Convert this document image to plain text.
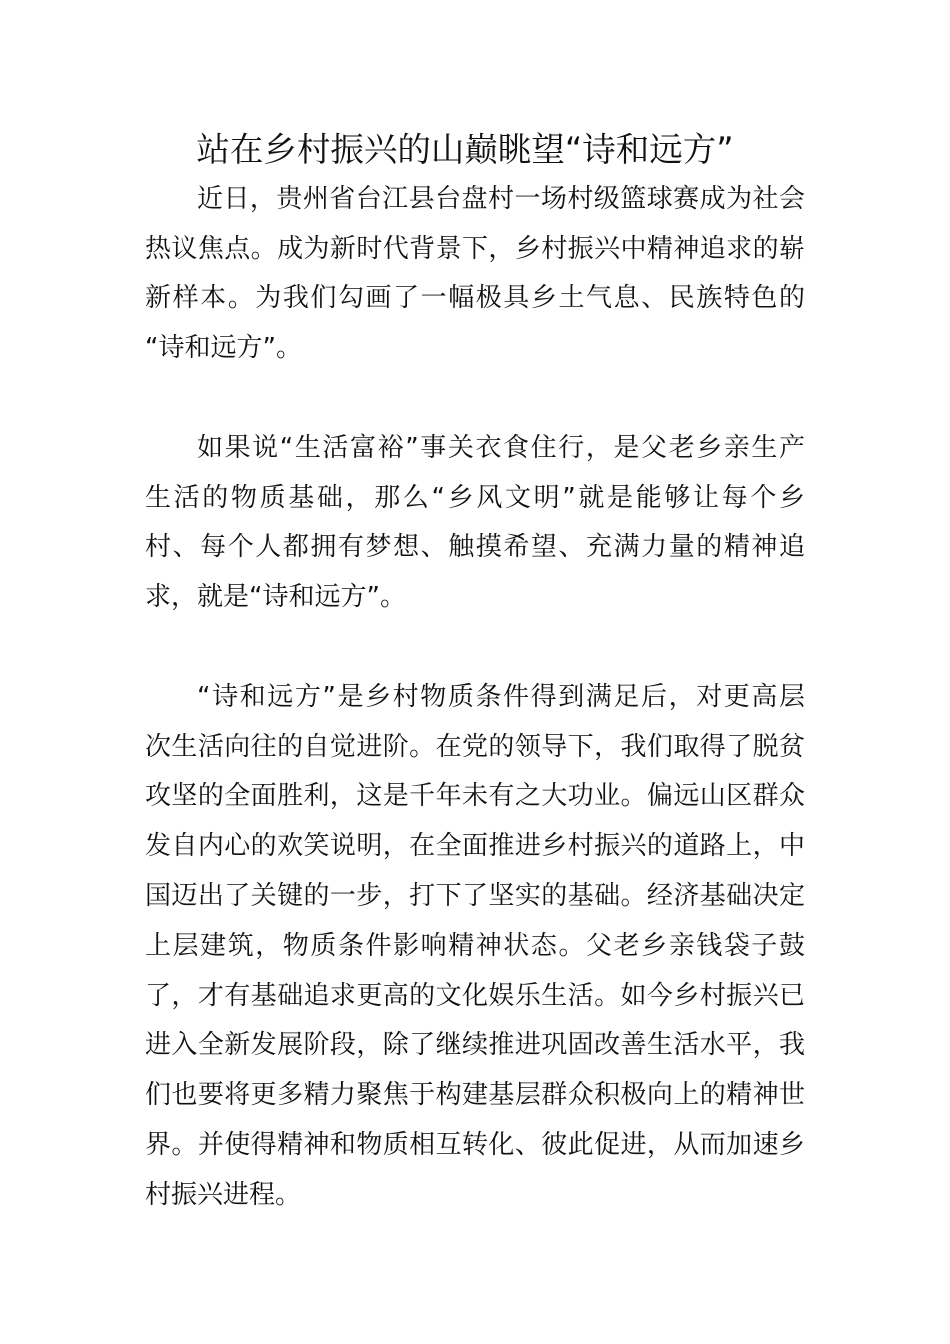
站在乡村振兴的山巅眺望“诗和远方”
近日，贵州省台江县台盘村一场村级篮球赛成为社会
热议焦点。成为新时代背景下，乡村振兴中精神追求的崭
新样本。为我们勾画了一幅极具乡土气息、民族特色的
“诗和远方”。
如果说“生活富裕”事关衣食住行，是父老乡亲生产
生活的物质基础，那么“乡风文明”就是能够让每个乡
村、每个人都拥有梦想、触摸希望、充满力量的精神追
求，就是“诗和远方”。
“诗和远方”是乡村物质条件得到满足后，对更高层
次生活向往的自觉进阶。在党的领导下，我们取得了脱贫
攻坚的全面胜利，这是千年未有之大功业。偏远山区群众
发自内心的欢笑说明，在全面推进乡村振兴的道路上，中
国迈出了关键的一步，打下了坚实的基础。经济基础决定
上层建筑，物质条件影响精神状态。父老乡亲钱袋子鼓
了，才有基础追求更高的文化娱乐生活。如今乡村振兴已
进入全新发展阶段，除了继续推进巩固改善生活水平，我
们也要将更多精力聚焦于构建基层群众积极向上的精神世
界。并使得精神和物质相互转化、彼此促进，从而加速乡
村振兴进程。
